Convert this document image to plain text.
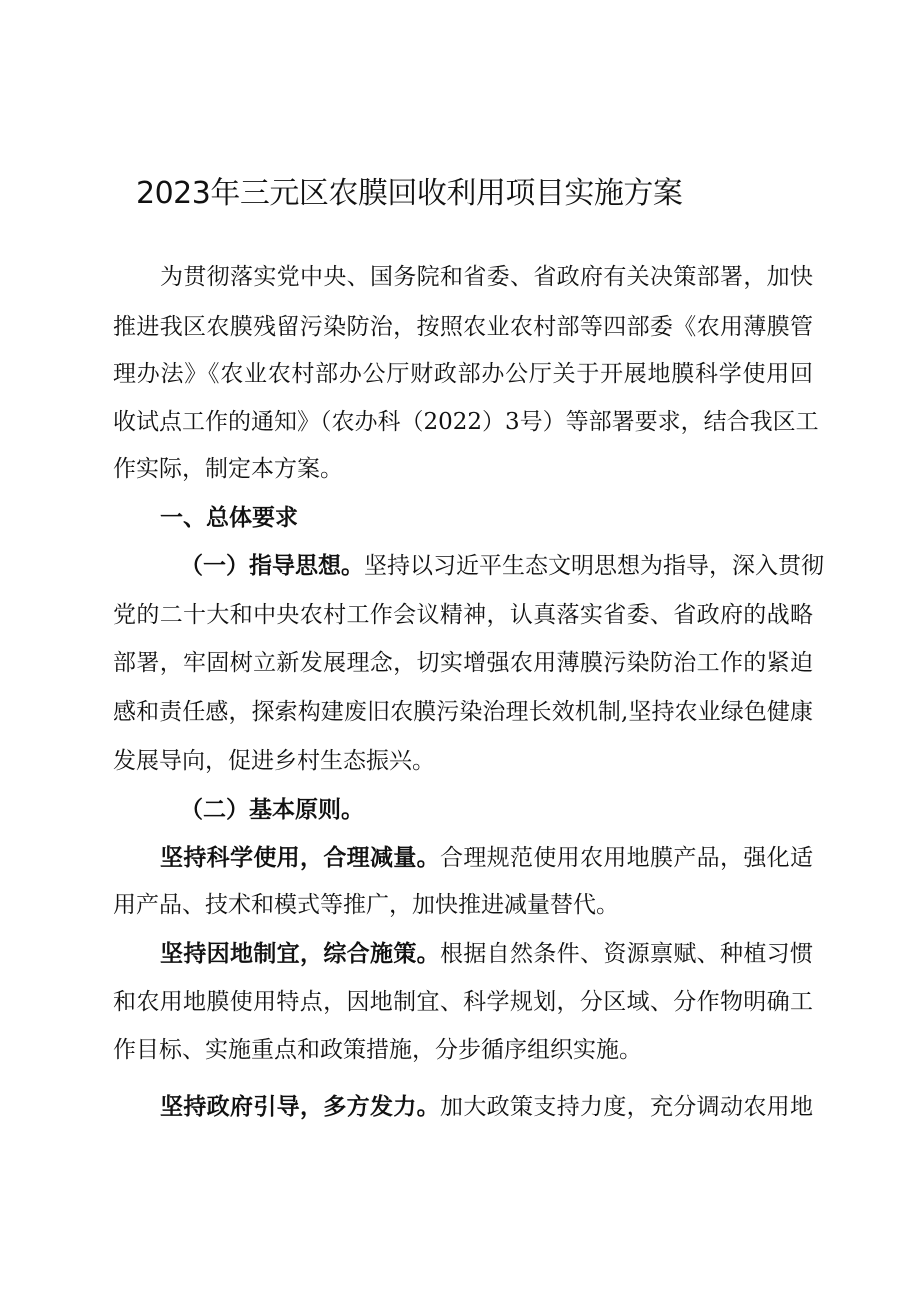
2023年三元区农膜回收利用项目实施方案

为贯彻落实党中央、国务院和省委、省政府有关决策部署，加快

推进我区农膜残留污染防治，按照农业农村部等四部委《农用薄膜管

理办法》《农业农村部办公厅财政部办公厅关于开展地膜科学使用回

收试点工作的通知》（农办科（2022）3号）等部署要求，结合我区工

作实际，制定本方案。

一、总体要求

（一）指导思想。坚持以习近平生态文明思想为指导，深入贯彻

党的二十大和中央农村工作会议精神，认真落实省委、省政府的战略

部署，牢固树立新发展理念，切实增强农用薄膜污染防治工作的紧迫

感和责任感，探索构建废旧农膜污染治理长效机制,坚持农业绿色健康

发展导向，促进乡村生态振兴。

（二）基本原则。

坚持科学使用，合理减量。合理规范使用农用地膜产品，强化适

用产品、技术和模式等推广，加快推进减量替代。

坚持因地制宜，综合施策。根据自然条件、资源禀赋、种植习惯

和农用地膜使用特点，因地制宜、科学规划，分区域、分作物明确工

作目标、实施重点和政策措施，分步循序组织实施。

坚持政府引导，多方发力。加大政策支持力度，充分调动农用地
